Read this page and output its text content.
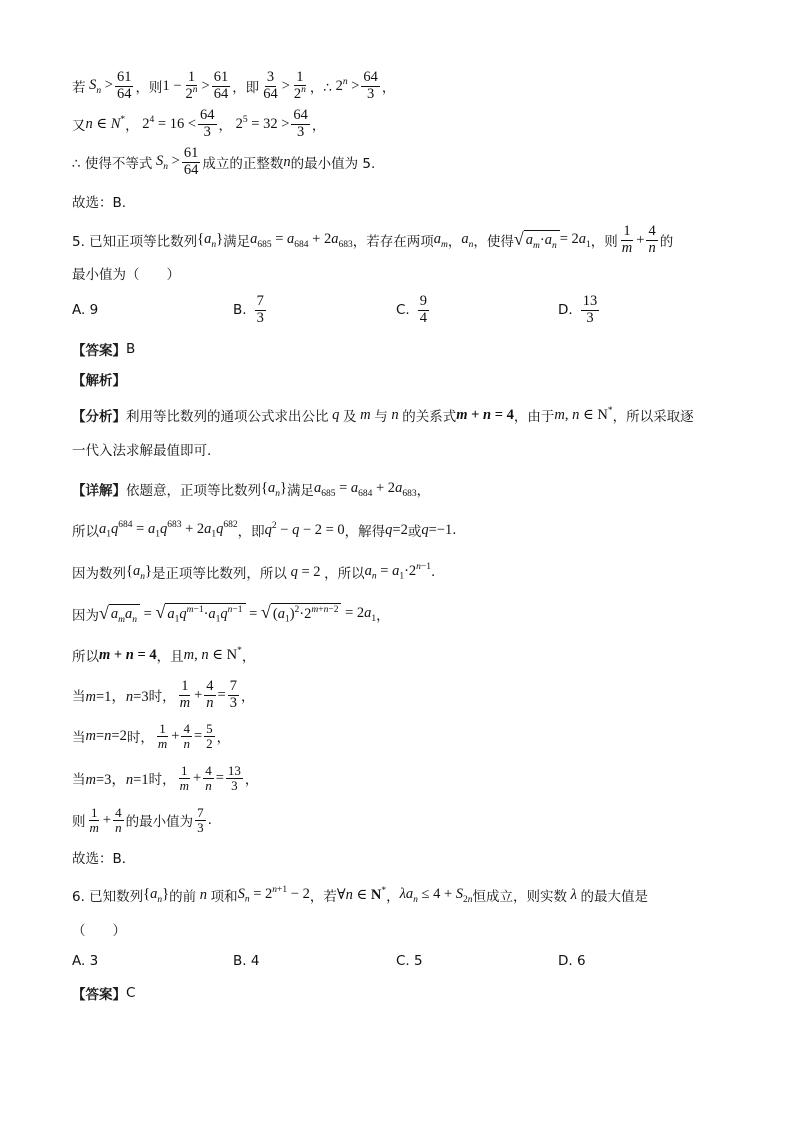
若 $S_n > \frac{61}{64}$ ，则 $1 - \frac{1}{2^n} > \frac{61}{64}$ ，即 $\frac{3}{64} > \frac{1}{2^n}$ ，∴ $2^n > \frac{64}{3}$ ，
又 n ∈ N* ， $2^4 = 16 < \frac{64}{3}$ ， $2^5 = 32 > \frac{64}{3}$ ，
∴ 使得不等式 $S_n > \frac{61}{64}$ 成立的正整数 n 的最小值为 5.
故选：B.
5. 已知正项等比数列 $\{a_n\}$ 满足 $a_{685} = a_{684} + 2a_{683}$ ，若存在两项 $a_m$ ， $a_n$ ，使得 √ $a_m\cdot a_n = 2a_1$ ，则 $\frac{1}{m} + \frac{4}{n}$ 的
最小值为（　　）
A. 9	B. $\frac{7}{3}$	C. $\frac{9}{4}$	D. $\frac{13}{3}$
【答案】 B
【解析】
【分析】 利用等比数列的通项公式求出公比 q 及 m 与 n 的关系式 m + n = 4 ，由于 m, n ∈ N* ，所以采取逐
一代入法求解最值即可.
【详解】 依题意，正项等比数列 $\{a_n\}$ 满足 $a_{685} = a_{684} + 2a_{683}$ ，
所以 $a_1q^{684} = a_1q^{683} + 2a_1q^{682}$ ，即 $q^2 - q - 2 = 0$ ，解得 q=2 或 q=−1 .
因为数列 $\{a_n\}$ 是正项等比数列，所以 q = 2 ，所以 $a_n = a_1\cdot 2^{n-1}$ .
因为 √ $a_ma_n$ = √ $a_1q^{m-1}\cdot a_1q^{n-1}$ = √ $(a_1)^2\cdot 2^{m+n-2} = 2a_1$ ，
所以 m + n = 4 ，且 m, n ∈ N* ，
当 m=1，n=3 时， $\frac{1}{m} + \frac{4}{n} = \frac{7}{3}$ ，
当 m=n=2 时， $\frac{1}{m} + \frac{4}{n} = \frac{5}{2}$ ，
当 m=3，n=1 时， $\frac{1}{m} + \frac{4}{n} = \frac{13}{3}$ ，
则 $\frac{1}{m} + \frac{4}{n}$ 的最小值为 $\frac{7}{3}$ .
故选：B．
6. 已知数列 $\{a_n\}$ 的前 n 项和 $S_n = 2^{n+1} - 2$ ，若 ∀n ∈ N* ， $\lambda a_n \le 4 + S_{2n}$ 恒成立，则实数 λ 的最大值是
（　　）
A. 3	B. 4	C. 5	D. 6
【答案】 C
